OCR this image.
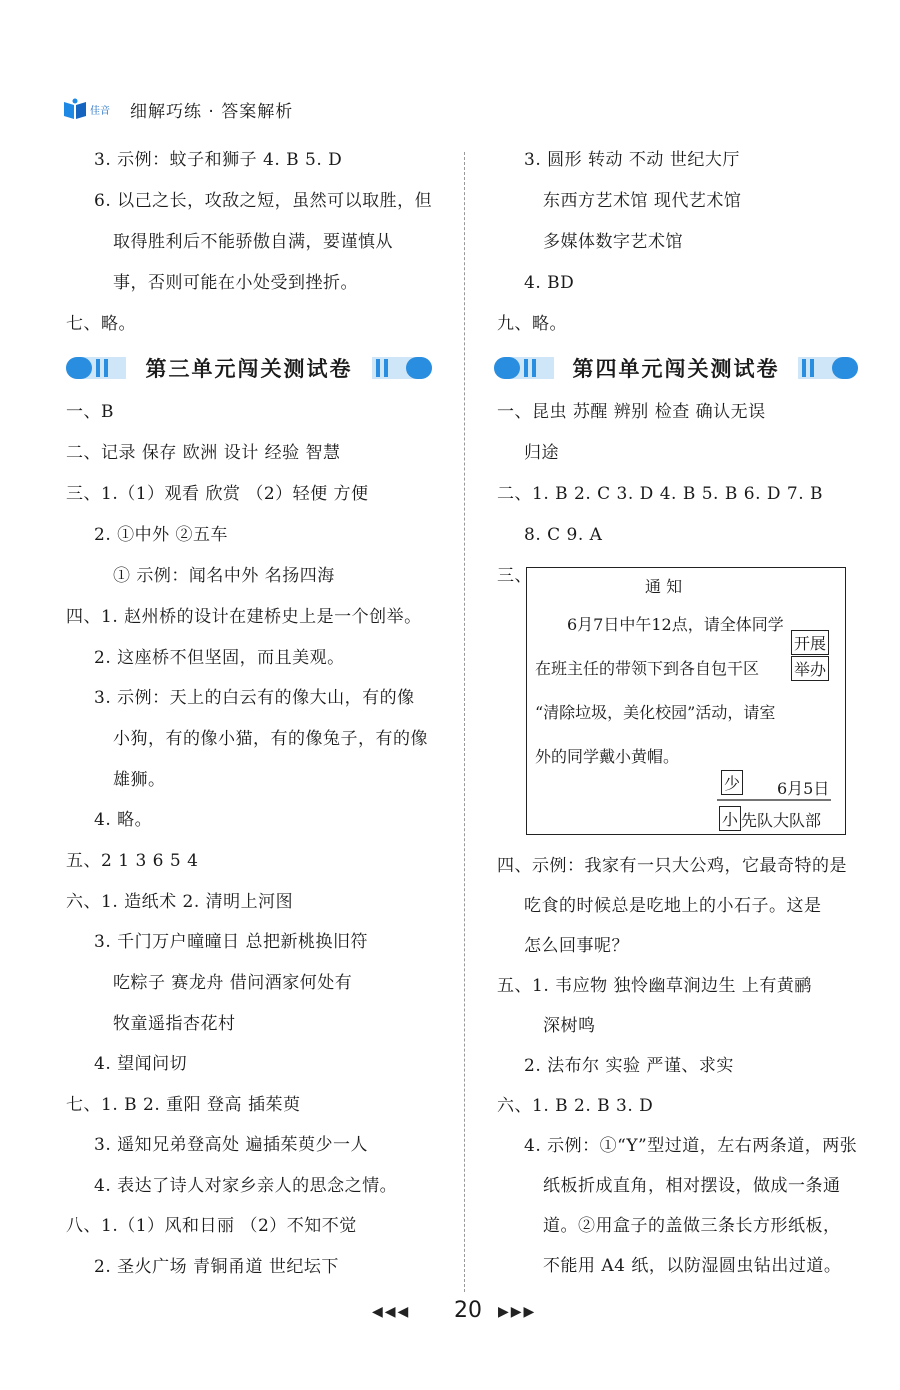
佳音 细解巧练 · 答案解析
3. 示例：蚊子和狮子 4. B 5. D
6. 以己之长，攻敌之短，虽然可以取胜，但
取得胜利后不能骄傲自满，要谨慎从
事，否则可能在小处受到挫折。
七、略。
第三单元闯关测试卷
一、B
二、记录 保存 欧洲 设计 经验 智慧
三、1.（1）观看 欣赏 （2）轻便 方便
2. ①中外 ②五车
① 示例：闻名中外 名扬四海
四、1. 赵州桥的设计在建桥史上是一个创举。
2. 这座桥不但坚固，而且美观。
3. 示例：天上的白云有的像大山，有的像
小狗，有的像小猫，有的像兔子，有的像
雄狮。
4. 略。
五、2 1 3 6 5 4
六、1. 造纸术 2. 清明上河图
3. 千门万户曈曈日 总把新桃换旧符
吃粽子 赛龙舟 借问酒家何处有
牧童遥指杏花村
4. 望闻问切
七、1. B 2. 重阳 登高 插茱萸
3. 遥知兄弟登高处 遍插茱萸少一人
4. 表达了诗人对家乡亲人的思念之情。
八、1.（1）风和日丽 （2）不知不觉
2. 圣火广场 青铜甬道 世纪坛下
3. 圆形 转动 不动 世纪大厅
东西方艺术馆 现代艺术馆
多媒体数字艺术馆
4. BD
九、略。
第四单元闯关测试卷
一、昆虫 苏醒 辨别 检查 确认无误
归途
二、1. B 2. C 3. D 4. B 5. B 6. D 7. B
8. C 9. A
三、
通 知
6月7日中午12点，请全体同学
开展
在班主任的带领下到各自包干区 举办
“清除垃圾，美化校园”活动，请室
外的同学戴小黄帽。
少 6月5日
小 先队大队部
四、示例：我家有一只大公鸡，它最奇特的是
吃食的时候总是吃地上的小石子。这是
怎么回事呢？
五、1. 韦应物 独怜幽草涧边生 上有黄鹂
深树鸣
2. 法布尔 实验 严谨、求实
六、1. B 2. B 3. D
4. 示例：①“Y”型过道，左右两条道，两张
纸板折成直角，相对摆设，做成一条通
道。②用盒子的盖做三条长方形纸板，
不能用 A4 纸，以防湿圆虫钻出过道。
◀◀◀ 20 ▶▶▶
